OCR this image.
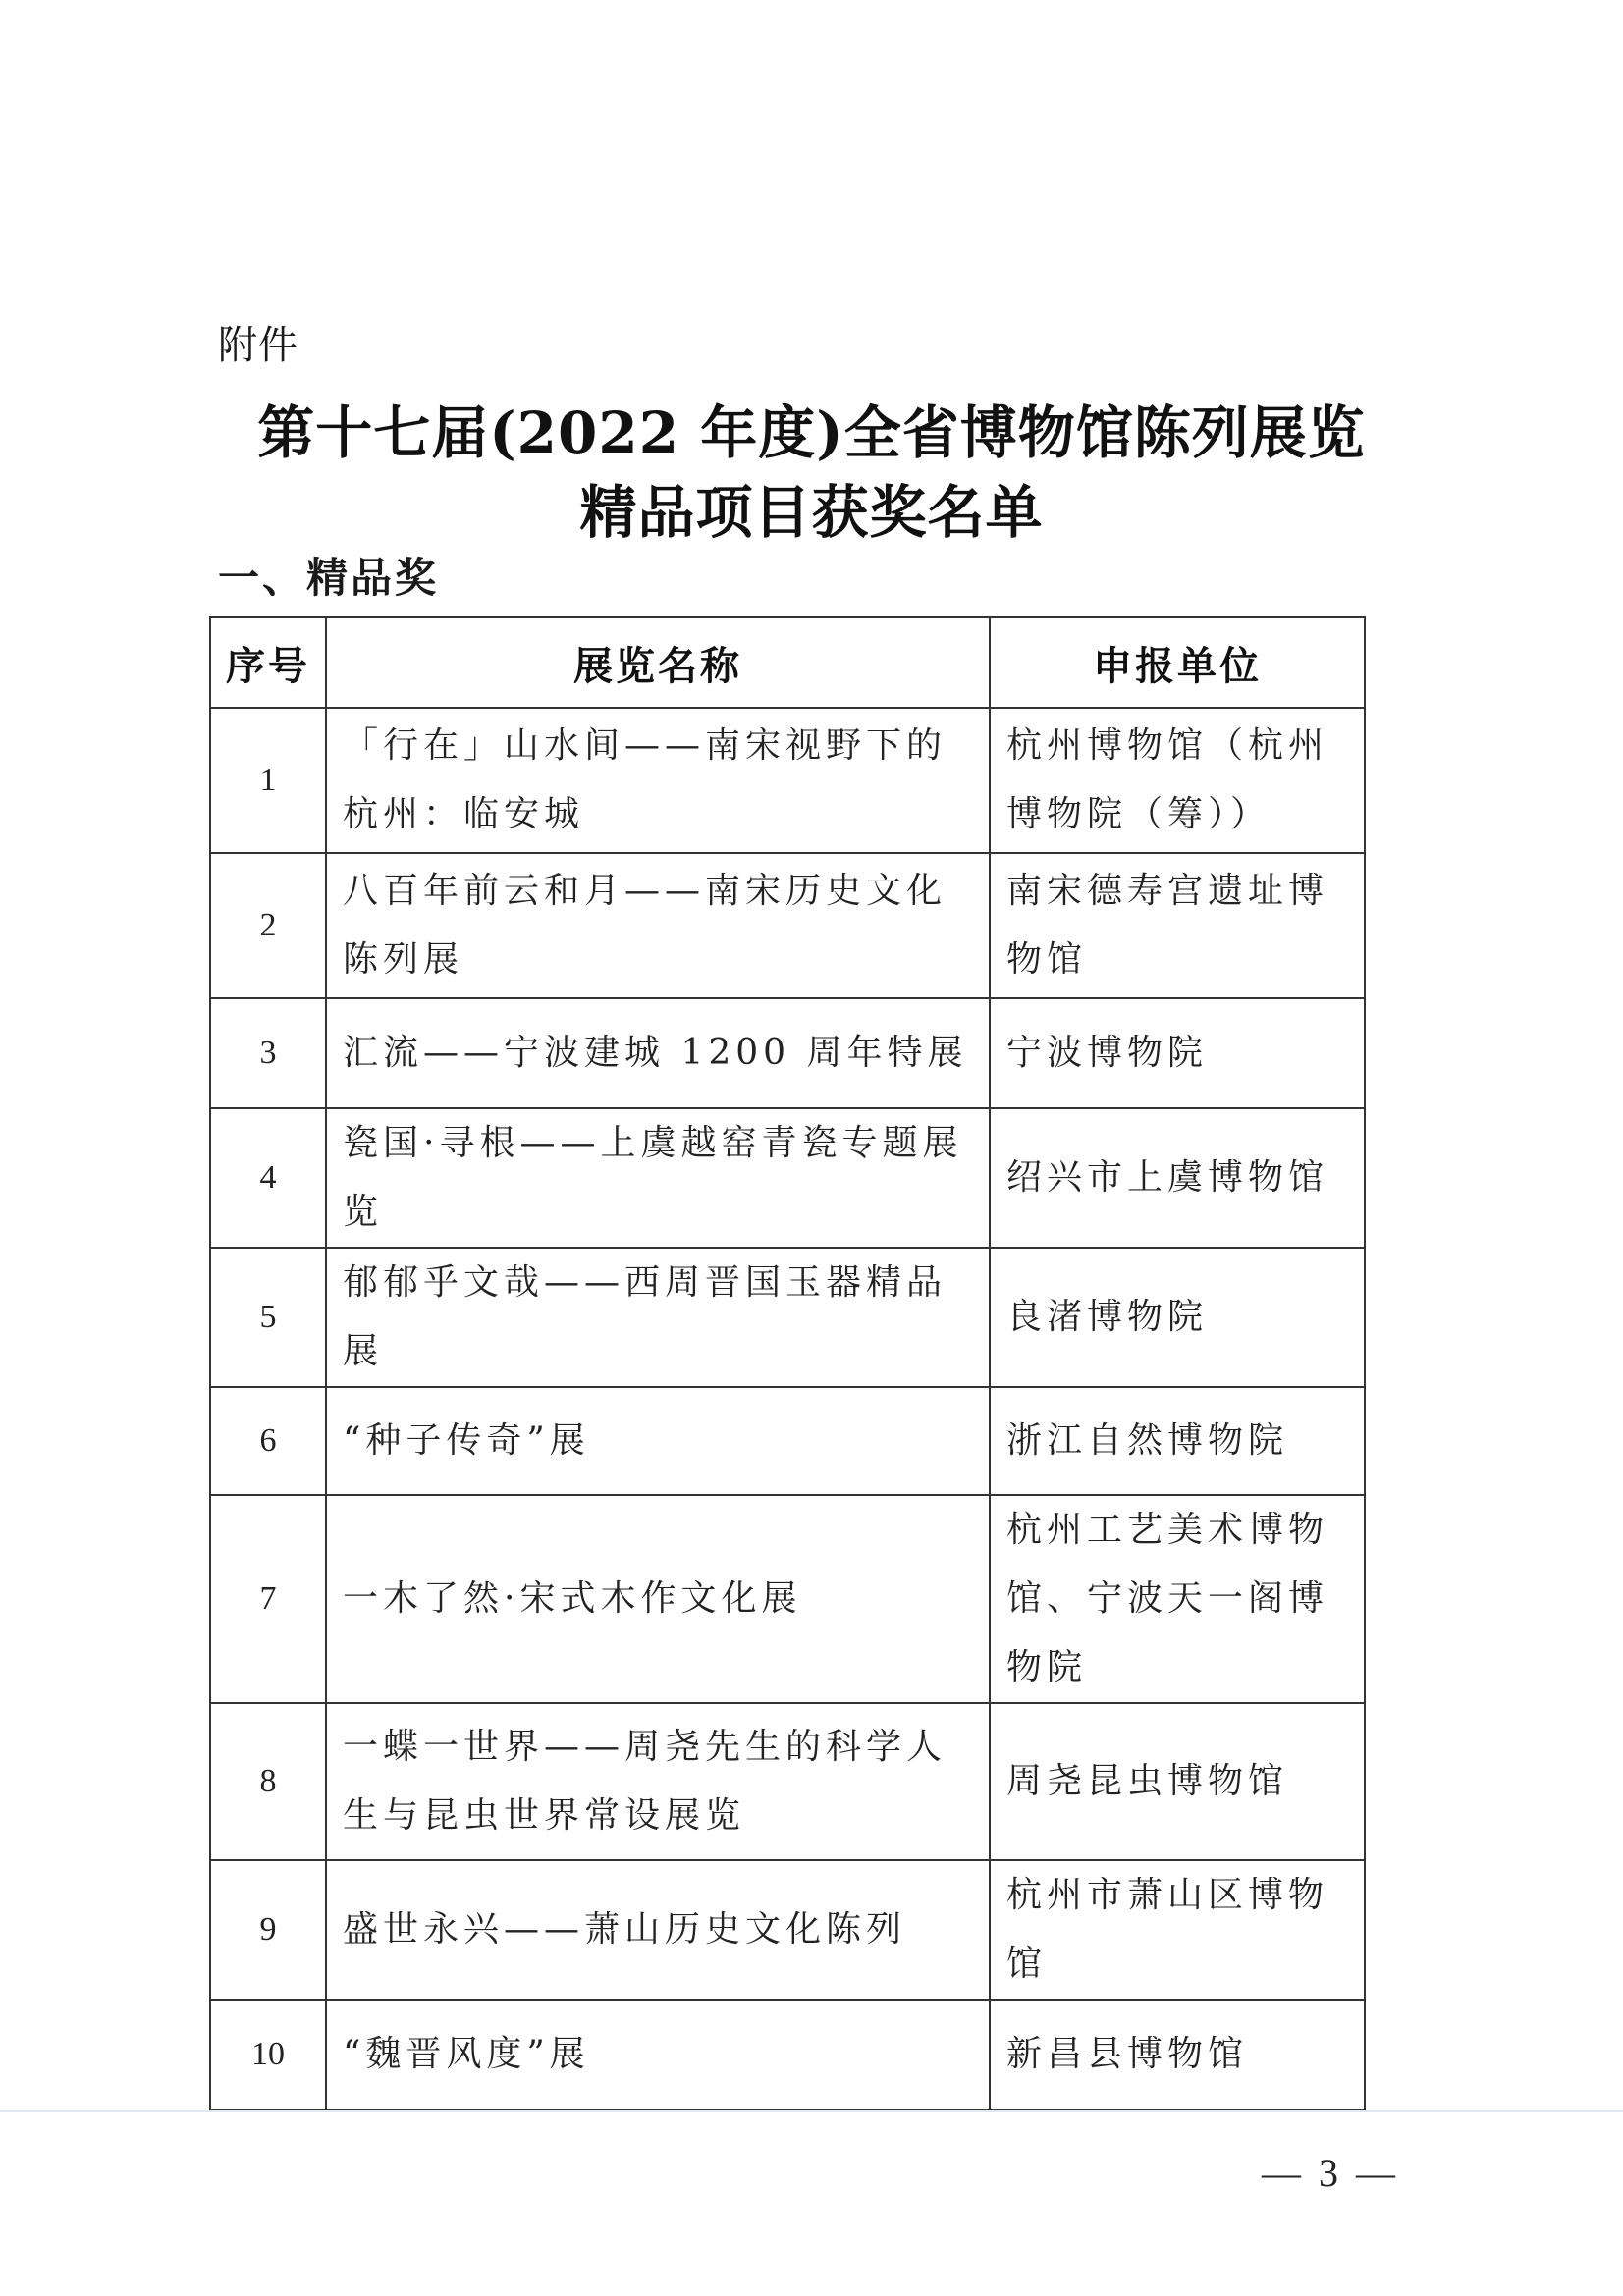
附件
第十七届(2022 年度)全省博物馆陈列展览
精品项目获奖名单
一、精品奖
序号	展览名称	申报单位
1	「行在」山水间——南宋视野下的杭州：临安城	杭州博物馆（杭州博物院（筹））
2	八百年前云和月——南宋历史文化陈列展	南宋德寿宫遗址博物馆
3	汇流——宁波建城 1200 周年特展	宁波博物院
4	瓷国·寻根——上虞越窑青瓷专题展览	绍兴市上虞博物馆
5	郁郁乎文哉——西周晋国玉器精品展	良渚博物院
6	“种子传奇”展	浙江自然博物院
7	一木了然·宋式木作文化展	杭州工艺美术博物馆、宁波天一阁博物院
8	一蝶一世界——周尧先生的科学人生与昆虫世界常设展览	周尧昆虫博物馆
9	盛世永兴——萧山历史文化陈列	杭州市萧山区博物馆
10	“魏晋风度”展	新昌县博物馆
— 3 —
